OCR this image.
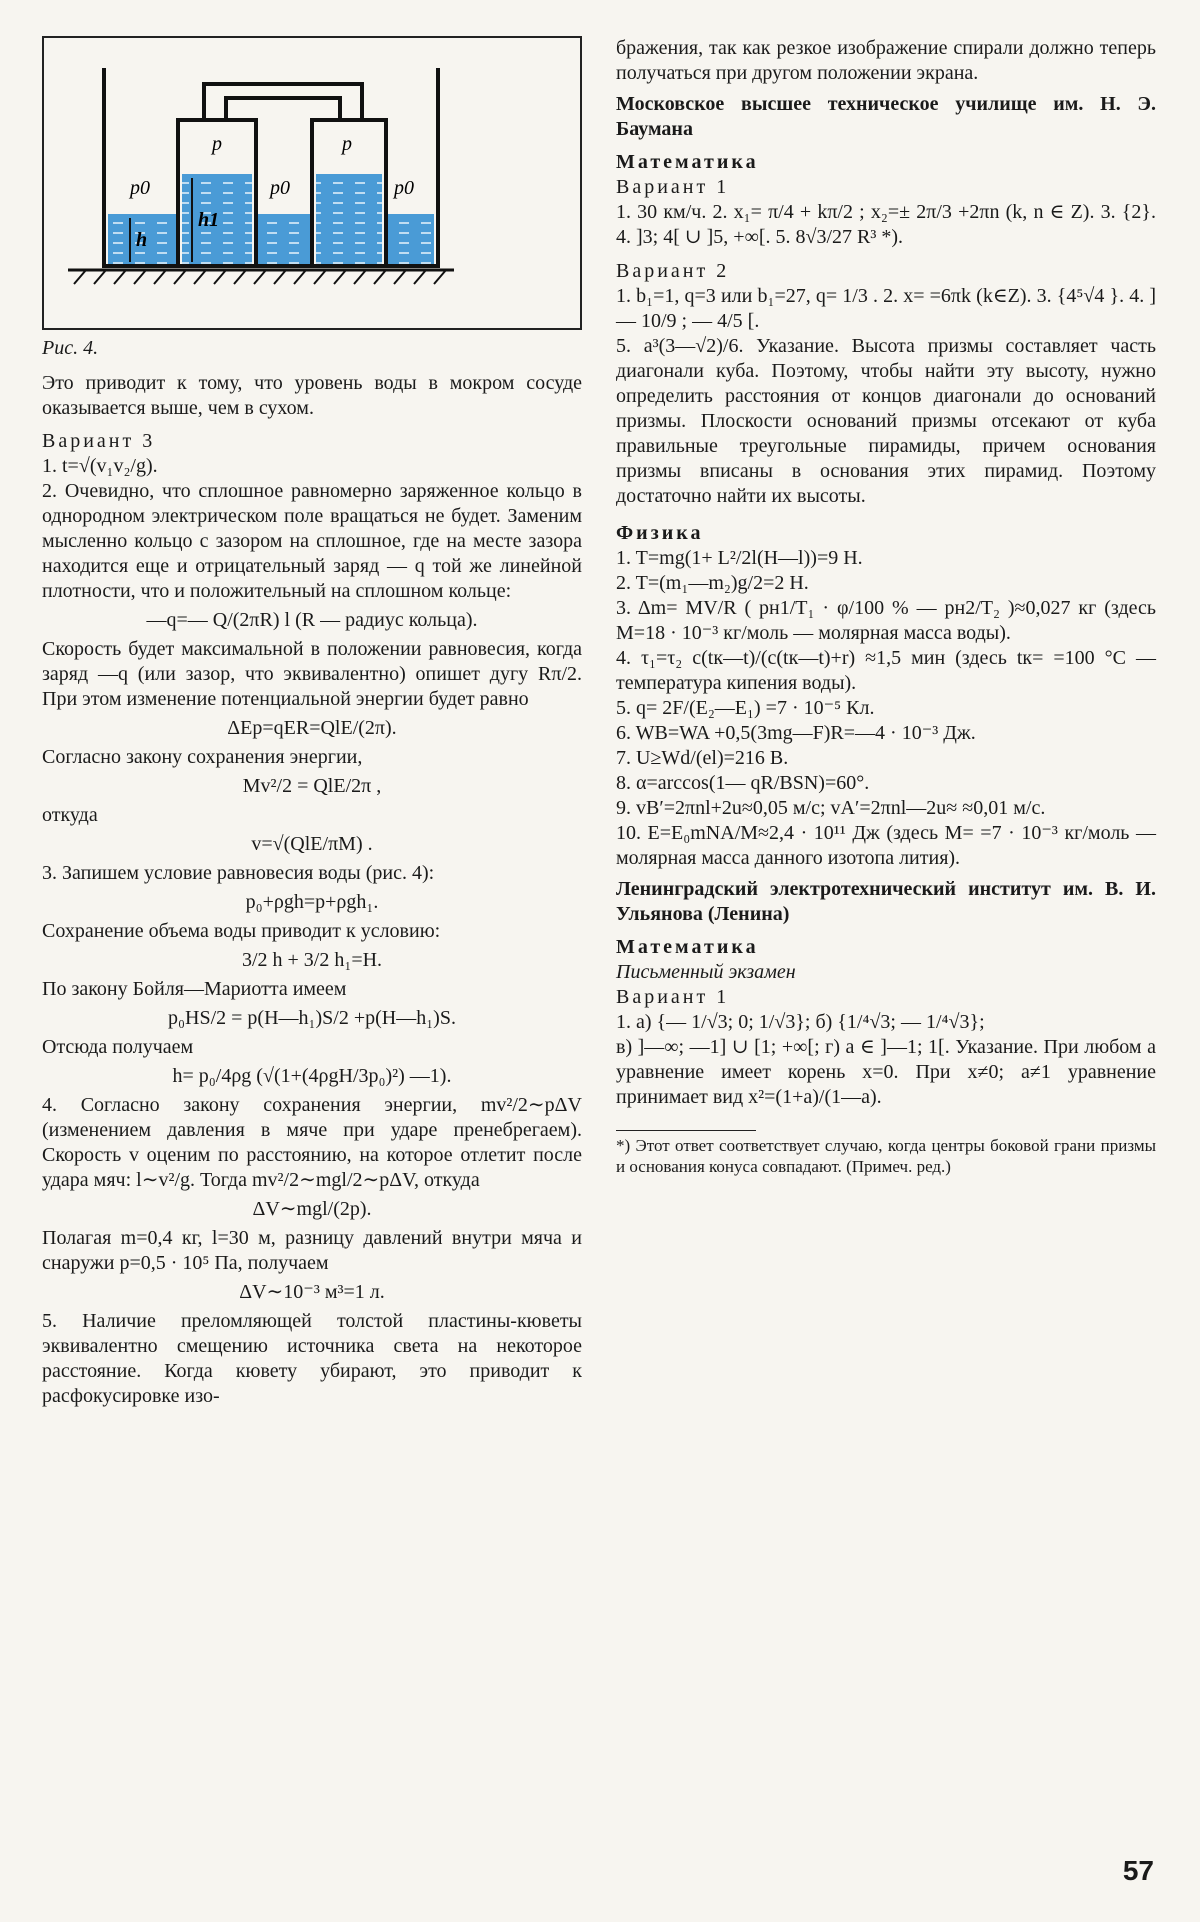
p	p
p0	p0	p0
h
h1
Рис. 4.

Это приводит к тому, что уровень воды в мокром сосуде оказывается выше, чем в сухом.

Вариант 3

1. t=√(v₁v₂/g).

2. Очевидно, что сплошное равномерно заряженное кольцо в однородном электрическом поле вращаться не будет. Заменим мысленно кольцо с зазором на сплошное, где на месте зазора находится еще и отрицательный заряд — q той же линейной плотности, что и положительный на сплошном кольце:

—q=— Q/(2πR) l (R — радиус кольца).

Скорость будет максимальной в положении равновесия, когда заряд —q (или зазор, что эквивалентно) опишет дугу Rπ/2. При этом изменение потенциальной энергии будет равно

ΔEp=qER=QlE/(2π).

Согласно закону сохранения энергии,

Mv²/2 = QlE/2π ,

откуда

v=√(QlE/πM) .

3. Запишем условие равновесия воды (рис. 4):

p₀+ρgh=p+ρgh₁.

Сохранение объема воды приводит к условию:

3/2 h + 3/2 h₁=H.

По закону Бойля—Мариотта имеем

p₀HS/2 = p(H—h₁)S/2 +p(H—h₁)S.

Отсюда получаем

h= p₀/4ρg (√(1+(4ρgH/3p₀)²) —1).

4. Согласно закону сохранения энергии, mv²/2∼pΔV (изменением давления в мяче при ударе пренебрегаем). Скорость v оценим по расстоянию, на которое отлетит после удара мяч: l∼v²/g. Тогда mv²/2∼mgl/2∼pΔV, откуда

ΔV∼mgl/(2p).

Полагая m=0,4 кг, l=30 м, разницу давлений внутри мяча и снаружи p=0,5 · 10⁵ Па, получаем

ΔV∼10⁻³ м³=1 л.

5. Наличие преломляющей толстой пластины-кюветы эквивалентно смещению источника света на некоторое расстояние. Когда кювету убирают, это приводит к расфокусировке изо-

бражения, так как резкое изображение спирали должно теперь получаться при другом положении экрана.

Московское высшее техническое училище им. Н. Э. Баумана

Математика
Вариант 1

1. 30 км/ч. 2. x₁= π/4 + kπ/2 ; x₂=± 2π/3 +2πn (k, n ∈ Z). 3. {2}. 4. ]3; 4[ ∪ ]5, +∞[. 5. 8√3/27 R³ *).

Вариант 2

1. b₁=1, q=3 или b₁=27, q= 1/3 . 2. x= =6πk (k∈Z). 3. {4⁵√4 }. 4. ]— 10/9 ; — 4/5 [.

5. a³(3—√2)/6. Указание. Высота призмы составляет часть диагонали куба. Поэтому, чтобы найти эту высоту, нужно определить расстояния от концов диагонали до оснований призмы. Плоскости оснований призмы отсекают от куба правильные треугольные пирамиды, причем основания призмы вписаны в основания этих пирамид. Поэтому достаточно найти их высоты.

Физика

1. T=mg(1+ L²/2l(H—l))=9 Н.

2. T=(m₁—m₂)g/2=2 Н.

3. Δm= MV/R ( pн1/T₁ · φ/100 % — pн2/T₂ )≈0,027 кг (здесь M=18 · 10⁻³ кг/моль — молярная масса воды).

4. τ₁=τ₂ c(tк—t)/(c(tк—t)+r) ≈1,5 мин (здесь tк= =100 °С — температура кипения воды).

5. q= 2F/(E₂—E₁) =7 · 10⁻⁵ Кл.

6. WB=WA +0,5(3mg—F)R=—4 · 10⁻³ Дж.

7. U≥Wd/(el)=216 В.

8. α=arccos(1— qR/BSN)=60°.

9. vB′=2πnl+2u≈0,05 м/с; vA′=2πnl—2u≈ ≈0,01 м/с.

10. E=E₀mNA/M≈2,4 · 10¹¹ Дж (здесь M= =7 · 10⁻³ кг/моль — молярная масса данного изотопа лития).

Ленинградский электротехнический институт им. В. И. Ульянова (Ленина)

Математика
Письменный экзамен
Вариант 1

1. а) {— 1/√3; 0; 1/√3}; б) {1/⁴√3; — 1/⁴√3};

в) ]—∞; —1] ∪ [1; +∞[; г) a ∈ ]—1; 1[. Указание. При любом a уравнение имеет корень x=0. При x≠0; a≠1 уравнение принимает вид x²=(1+a)/(1—a).

*) Этот ответ соответствует случаю, когда центры боковой грани призмы и основания конуса совпадают. (Примеч. ред.)

57
